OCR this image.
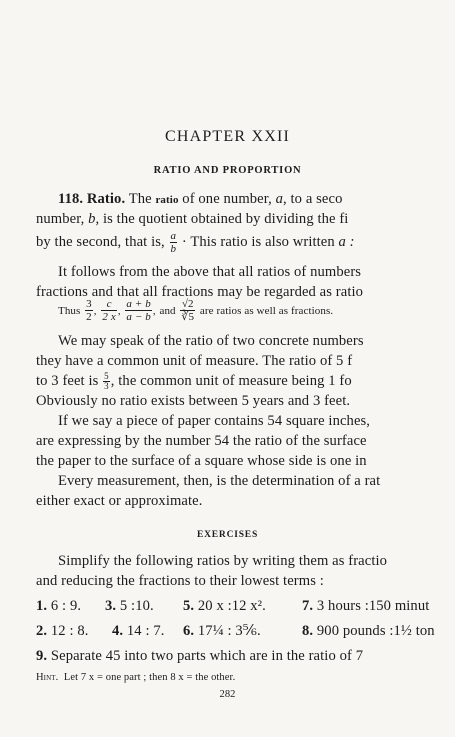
CHAPTER XXII
RATIO AND PROPORTION
118. Ratio. The ratio of one number, a, to a seco
number, b, is the quotient obtained by dividing the fi
by the second, that is, $\frac{a}{b}$ · This ratio is also written a :
It follows from the above that all ratios of numbers
fractions and that all fractions may be regarded as ratio
Thus $\frac{3}{2}$ , $\frac{c}{2 x}$ , $\frac{a + b}{a - b}$ , and $\frac{√2}{∛5}$ are ratios as well as fractions.
We may speak of the ratio of two concrete numbers
they have a common unit of measure. The ratio of 5 f
to 3 feet is $\frac{5}{3}$ , the common unit of measure being 1 fo
Obviously no ratio exists between 5 years and 3 feet.
If we say a piece of paper contains 54 square inches,
are expressing by the number 54 the ratio of the surface
the paper to the surface of a square whose side is one in
Every measurement, then, is the determination of a rat
either exact or approximate.
EXERCISES
Simplify the following ratios by writing them as fractio
and reducing the fractions to their lowest terms :
1. 6 : 9.	3. 5 :10. 5. 20 x :12 x². 7. 3 hours :150 minut
2. 12 : 8. 4. 14 : 7. 6. 17¼ : 3⅚.	8. 900 pounds :1½ ton
9. Separate 45 into two parts which are in the ratio of 7
Hint. Let 7 x = one part ; then 8 x = the other.
282
